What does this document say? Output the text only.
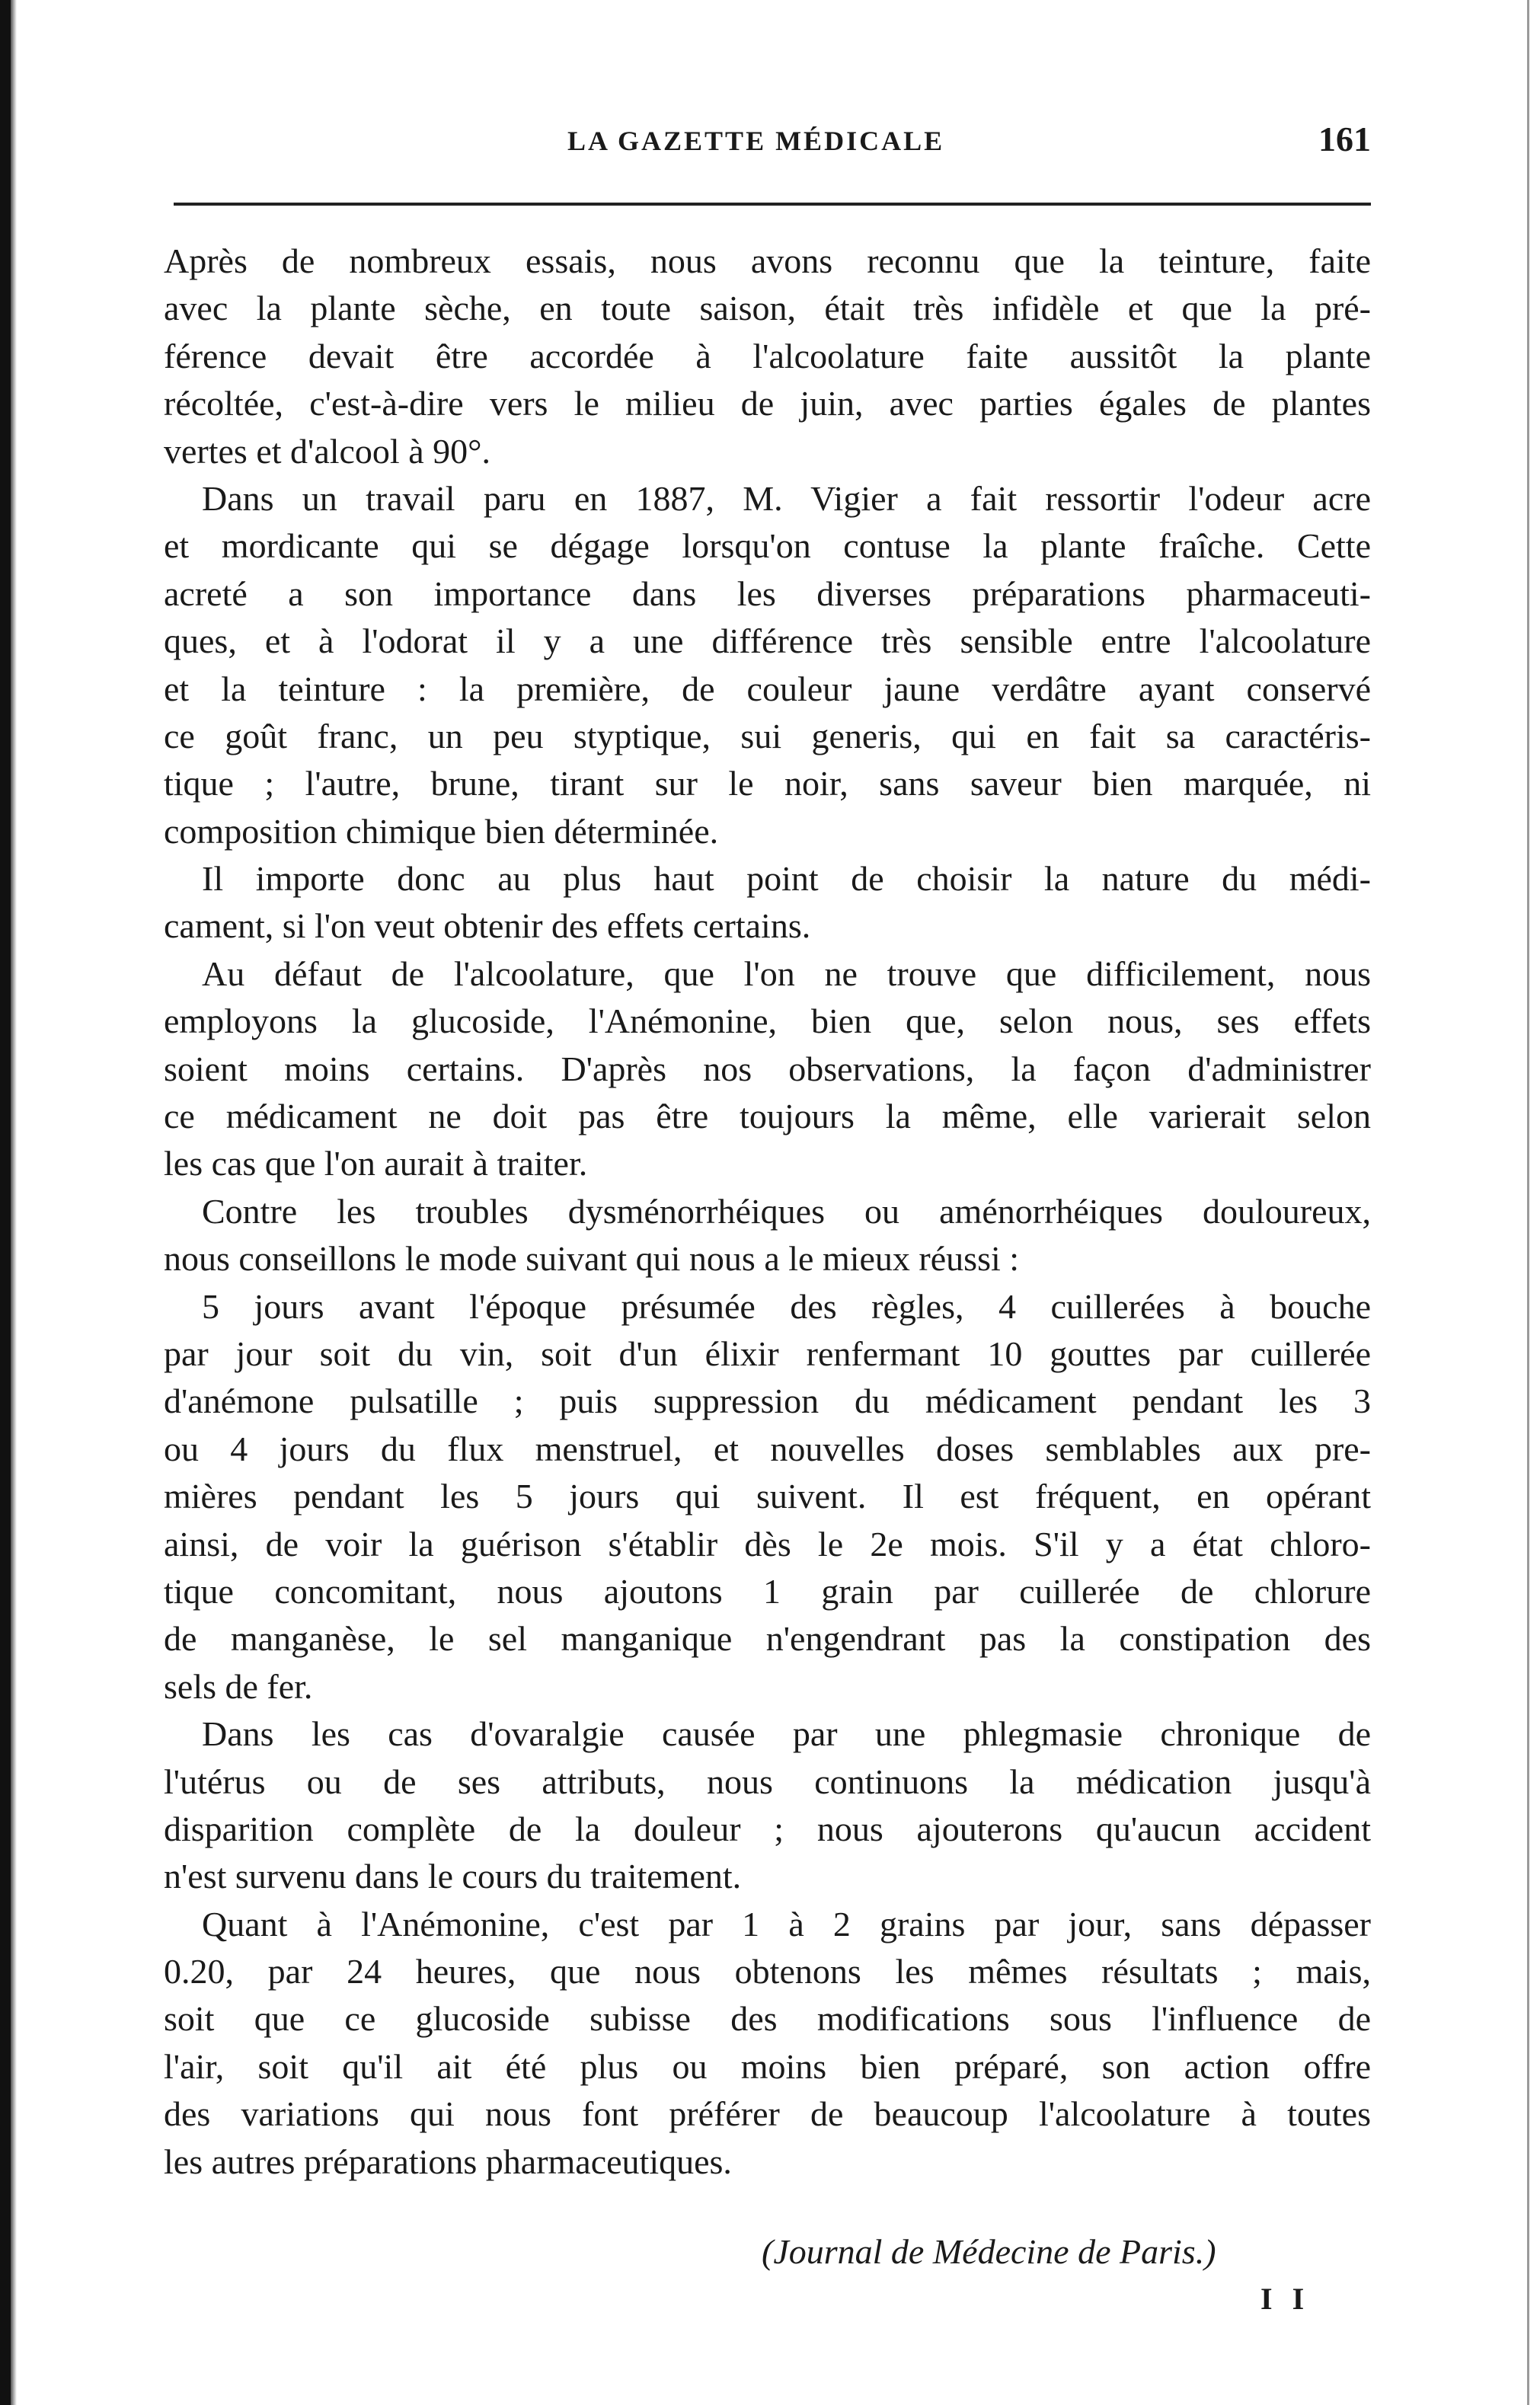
LA GAZETTE MÉDICALE	161
Après de nombreux essais, nous avons reconnu que la teinture, faite
avec la plante sèche, en toute saison, était très infidèle et que la pré-
férence devait être accordée à l'alcoolature faite aussitôt la plante
récoltée, c'est-à-dire vers le milieu de juin, avec parties égales de plantes
vertes et d'alcool à 90°.
Dans un travail paru en 1887, M. Vigier a fait ressortir l'odeur acre
et mordicante qui se dégage lorsqu'on contuse la plante fraîche. Cette
acreté a son importance dans les diverses préparations pharmaceuti-
ques, et à l'odorat il y a une différence très sensible entre l'alcoolature
et la teinture : la première, de couleur jaune verdâtre ayant conservé
ce goût franc, un peu styptique, sui generis, qui en fait sa caractéris-
tique ; l'autre, brune, tirant sur le noir, sans saveur bien marquée, ni
composition chimique bien déterminée.
Il importe donc au plus haut point de choisir la nature du médi-
cament, si l'on veut obtenir des effets certains.
Au défaut de l'alcoolature, que l'on ne trouve que difficilement, nous
employons la glucoside, l'Anémonine, bien que, selon nous, ses effets
soient moins certains. D'après nos observations, la façon d'administrer
ce médicament ne doit pas être toujours la même, elle varierait selon
les cas que l'on aurait à traiter.
Contre les troubles dysménorrhéiques ou aménorrhéiques douloureux,
nous conseillons le mode suivant qui nous a le mieux réussi :
5 jours avant l'époque présumée des règles, 4 cuillerées à bouche
par jour soit du vin, soit d'un élixir renfermant 10 gouttes par cuillerée
d'anémone pulsatille ; puis suppression du médicament pendant les 3
ou 4 jours du flux menstruel, et nouvelles doses semblables aux pre-
mières pendant les 5 jours qui suivent. Il est fréquent, en opérant
ainsi, de voir la guérison s'établir dès le 2e mois. S'il y a état chloro-
tique concomitant, nous ajoutons 1 grain par cuillerée de chlorure
de manganèse, le sel manganique n'engendrant pas la constipation des
sels de fer.
Dans les cas d'ovaralgie causée par une phlegmasie chronique de
l'utérus ou de ses attributs, nous continuons la médication jusqu'à
disparition complète de la douleur ; nous ajouterons qu'aucun accident
n'est survenu dans le cours du traitement.
Quant à l'Anémonine, c'est par 1 à 2 grains par jour, sans dépasser
0.20, par 24 heures, que nous obtenons les mêmes résultats ; mais,
soit que ce glucoside subisse des modifications sous l'influence de
l'air, soit qu'il ait été plus ou moins bien préparé, son action offre
des variations qui nous font préférer de beaucoup l'alcoolature à toutes
les autres préparations pharmaceutiques.
(Journal de Médecine de Paris.)
I I
